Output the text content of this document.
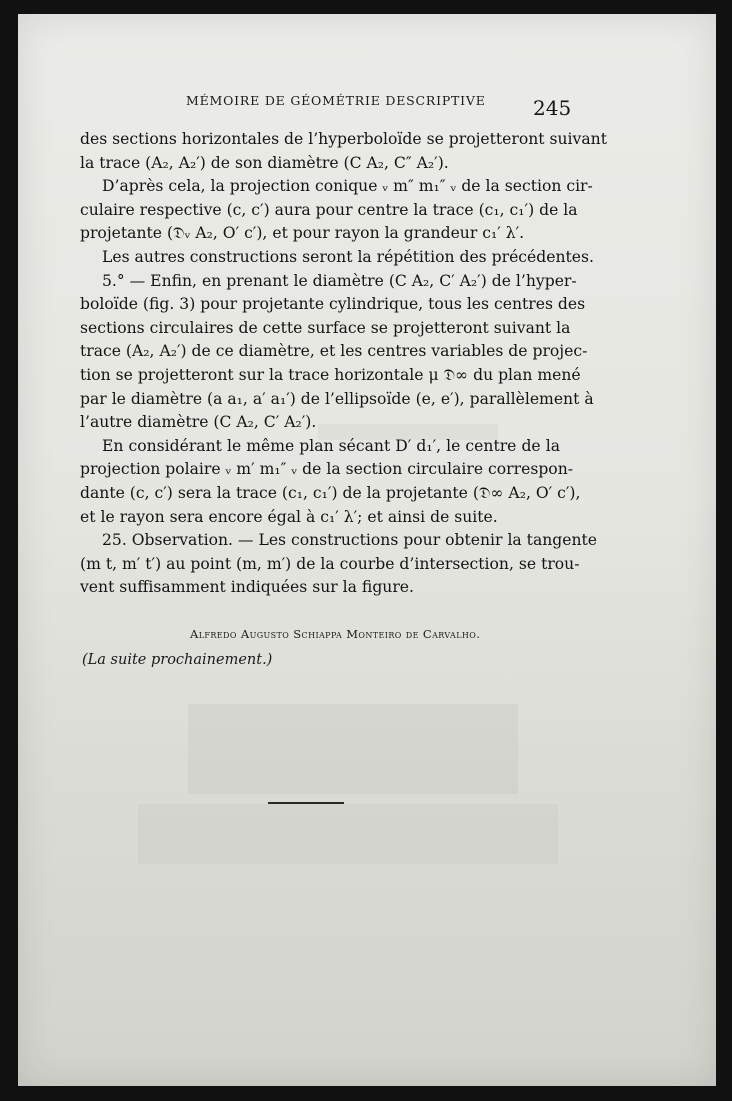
MÉMOIRE DE GÉOMÉTRIE DESCRIPTIVE	245

des sections horizontales de l’hyperboloïde se projetteront suivant
la trace (A₂, A₂′) de son diamètre (C A₂, C″ A₂′).

D’après cela, la projection conique ᵥ m″ m₁″ ᵥ de la section cir-
culaire respective (c, c′) aura pour centre la trace (c₁, c₁′) de la
projetante (𝔇ᵥ A₂, O′ c′), et pour rayon la grandeur c₁′ λ′.

Les autres constructions seront la répétition des précédentes.

5.° — Enfin, en prenant le diamètre (C A₂, C′ A₂′) de l’hyper-
boloïde (fig. 3) pour projetante cylindrique, tous les centres des
sections circulaires de cette surface se projetteront suivant la
trace (A₂, A₂′) de ce diamètre, et les centres variables de projec-
tion se projetteront sur la trace horizontale μ 𝔇∞ du plan mené
par le diamètre (a a₁, a′ a₁′) de l’ellipsoïde (e, e′), parallèlement à
l’autre diamètre (C A₂, C′ A₂′).

En considérant le même plan sécant D′ d₁′, le centre de la
projection polaire ᵥ m′ m₁″ ᵥ de la section circulaire correspon-
dante (c, c′) sera la trace (c₁, c₁′) de la projetante (𝔇∞ A₂, O′ c′),
et le rayon sera encore égal à c₁′ λ′; et ainsi de suite.

25. Observation. — Les constructions pour obtenir la tangente
(m t, m′ t′) au point (m, m′) de la courbe d’intersection, se trou-
vent suffisamment indiquées sur la figure.

Alfredo Augusto Schiappa Monteiro de Carvalho.
(La suite prochainement.)
